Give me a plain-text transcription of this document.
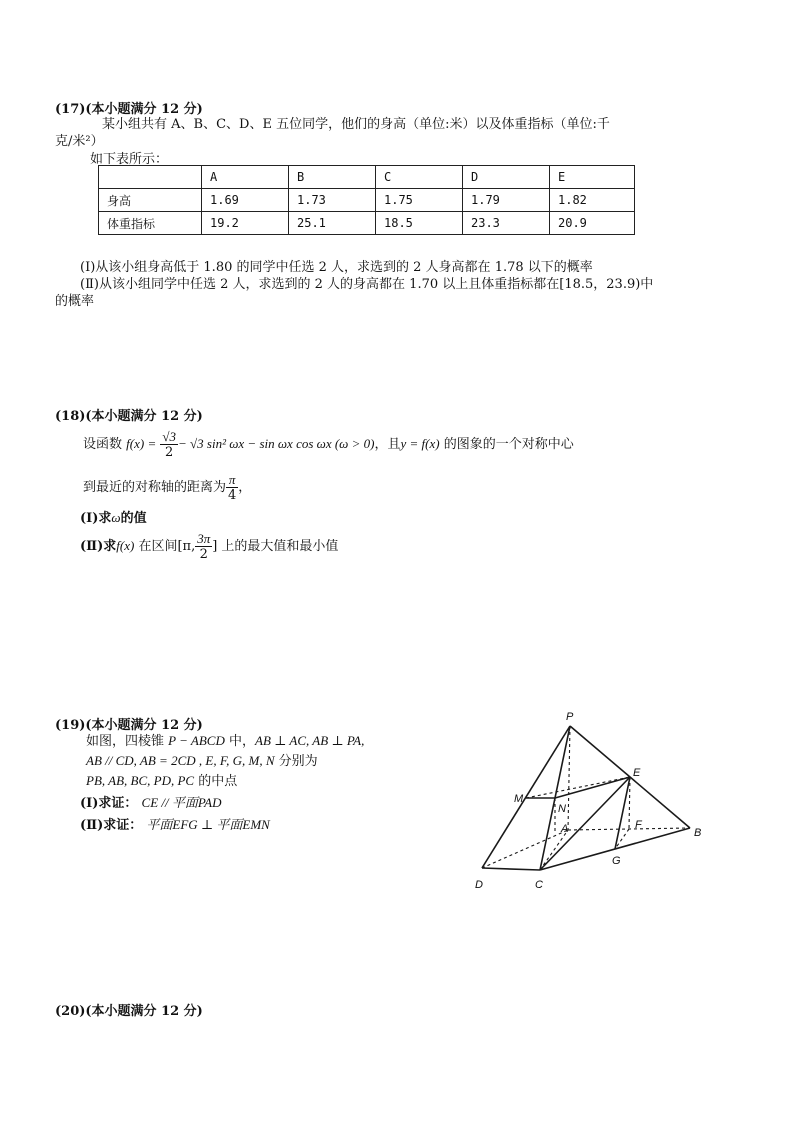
(17)(本小题满分 12 分)
某小组共有 A、B、C、D、E 五位同学，他们的身高（单位:米）以及体重指标（单位:千
克/米²）
如下表所示：
	A	B	C	D	E
身高	1.69	1.73	1.75	1.79	1.82
体重指标	19.2	25.1	18.5	23.3	20.9
(Ⅰ)从该小组身高低于 1.80 的同学中任选 2 人，求选到的 2 人身高都在 1.78 以下的概率
(Ⅱ)从该小组同学中任选 2 人，求选到的 2 人的身高都在 1.70 以上且体重指标都在[18.5，23.9)中
的概率
(18)(本小题满分 12 分)
设函数 $f(x) = \frac{√3}{2} - √3$ sin² ωx − sin ωx cos ωx (ω > 0)，且y = f(x) 的图象的一个对称中心
到最近的对称轴的距离为 $\frac{\pi}{4}$ ，
(Ⅰ)求ω的值
(Ⅱ)求f(x) 在区间[π, $\frac{3\pi}{2}$ ] 上的最大值和最小值
(19)(本小题满分 12 分)
如图，四棱锥 P − ABCD 中，AB ⊥ AC, AB ⊥ PA,
AB // CD, AB = 2CD , E, F, G, M, N 分别为
PB, AB, BC, PD, PC 的中点
(Ⅰ)求证： CE // 平面PAD
(Ⅱ)求证： 平面EFG ⊥ 平面EMN
P
E
M
N
A	F
B
G
D	C
(20)(本小题满分 12 分)
